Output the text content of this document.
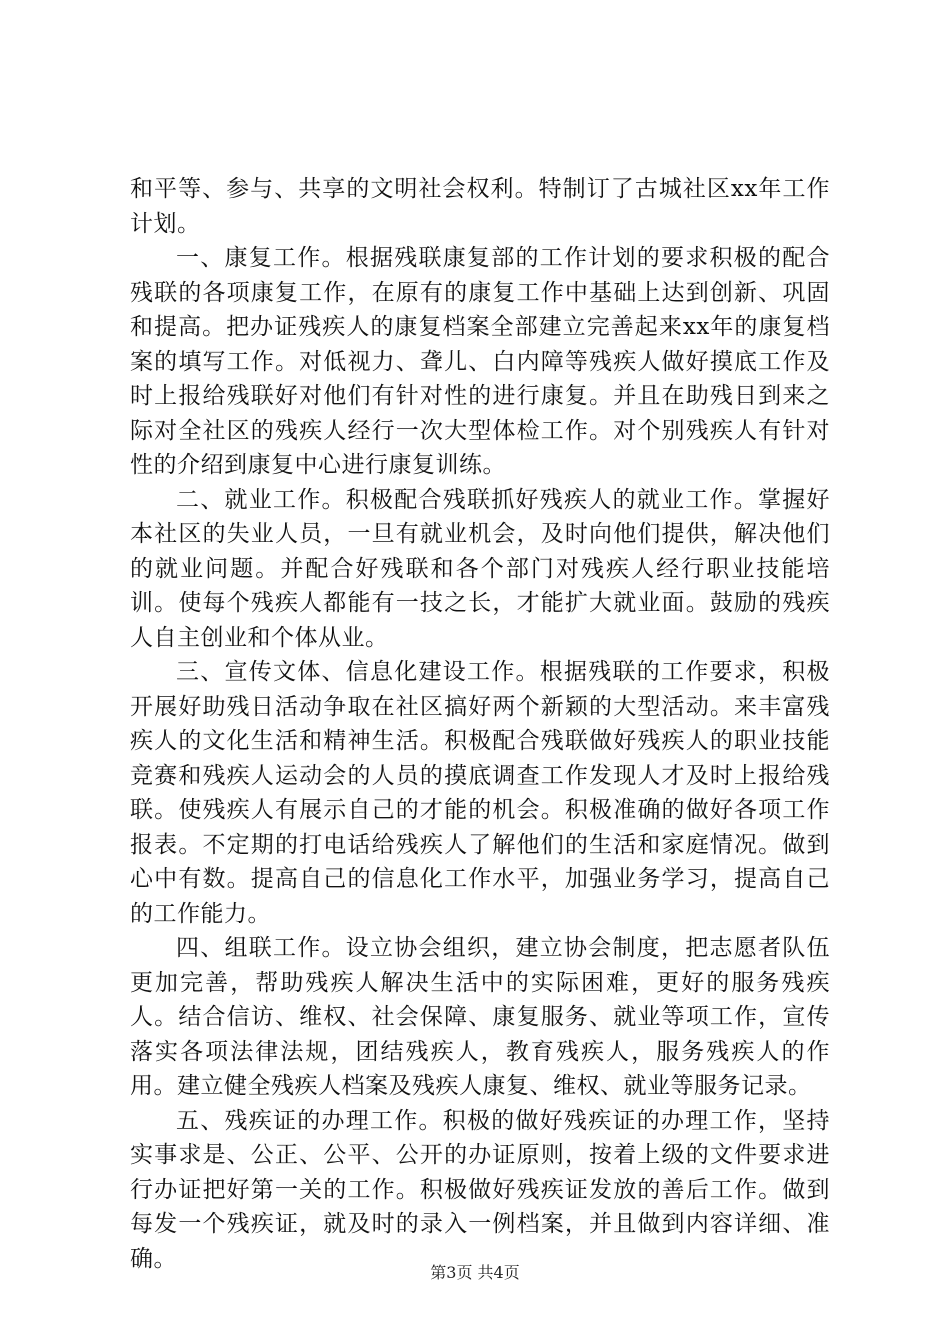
和平等、参与、共享的文明社会权利。特制订了古城社区xx年工作计划。

一、康复工作。根据残联康复部的工作计划的要求积极的配合残联的各项康复工作，在原有的康复工作中基础上达到创新、巩固和提高。把办证残疾人的康复档案全部建立完善起来xx年的康复档案的填写工作。对低视力、聋儿、白内障等残疾人做好摸底工作及时上报给残联好对他们有针对性的进行康复。并且在助残日到来之际对全社区的残疾人经行一次大型体检工作。对个别残疾人有针对性的介绍到康复中心进行康复训练。

二、就业工作。积极配合残联抓好残疾人的就业工作。掌握好本社区的失业人员，一旦有就业机会，及时向他们提供，解决他们的就业问题。并配合好残联和各个部门对残疾人经行职业技能培训。使每个残疾人都能有一技之长，才能扩大就业面。鼓励的残疾人自主创业和个体从业。

三、宣传文体、信息化建设工作。根据残联的工作要求，积极开展好助残日活动争取在社区搞好两个新颖的大型活动。来丰富残疾人的文化生活和精神生活。积极配合残联做好残疾人的职业技能竞赛和残疾人运动会的人员的摸底调查工作发现人才及时上报给残联。使残疾人有展示自己的才能的机会。积极准确的做好各项工作报表。不定期的打电话给残疾人了解他们的生活和家庭情况。做到心中有数。提高自己的信息化工作水平，加强业务学习，提高自己的工作能力。

四、组联工作。设立协会组织，建立协会制度，把志愿者队伍更加完善，帮助残疾人解决生活中的实际困难，更好的服务残疾人。结合信访、维权、社会保障、康复服务、就业等项工作，宣传落实各项法律法规，团结残疾人，教育残疾人，服务残疾人的作用。建立健全残疾人档案及残疾人康复、维权、就业等服务记录。

五、残疾证的办理工作。积极的做好残疾证的办理工作，坚持实事求是、公正、公平、公开的办证原则，按着上级的文件要求进行办证把好第一关的工作。积极做好残疾证发放的善后工作。做到每发一个残疾证，就及时的录入一例档案，并且做到内容详细、准确。

第3页 共4页
